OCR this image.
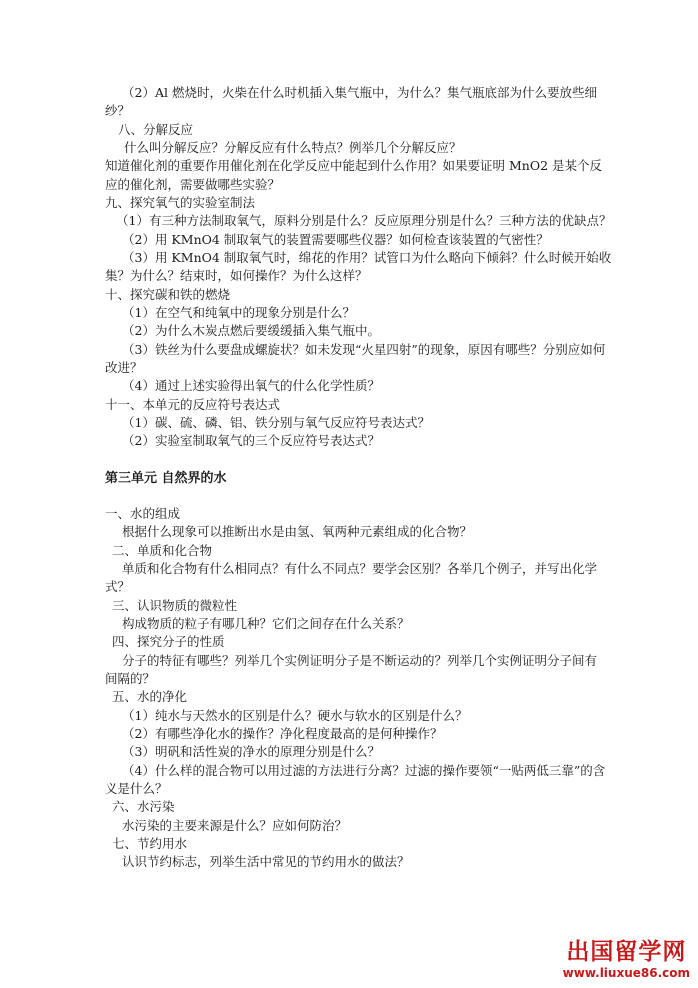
（2）Al 燃烧时，火柴在什么时机插入集气瓶中，为什么？集气瓶底部为什么要放些细
纱？
八、分解反应
什么叫分解反应？分解反应有什么特点？例举几个分解反应？
知道催化剂的重要作用催化剂在化学反应中能起到什么作用？如果要证明 MnO2 是某个反
应的催化剂，需要做哪些实验？
九、探究氧气的实验室制法
（1）有三种方法制取氧气，原料分别是什么？反应原理分别是什么？三种方法的优缺点？
（2）用 KMnO4 制取氧气的装置需要哪些仪器？如何检查该装置的气密性？
（3）用 KMnO4 制取氧气时，绵花的作用？试管口为什么略向下倾斜？什么时候开始收
集？为什么？结束时，如何操作？为什么这样？
十、探究碳和铁的燃烧
（1）在空气和纯氧中的现象分别是什么？
（2）为什么木炭点燃后要缓缓插入集气瓶中。
（3）铁丝为什么要盘成螺旋状？如未发现“火星四射”的现象，原因有哪些？分别应如何
改进？
（4）通过上述实验得出氧气的什么化学性质？
十一、本单元的反应符号表达式
（1）碳、硫、磷、铝、铁分别与氧气反应符号表达式？
（2）实验室制取氧气的三个反应符号表达式？
第三单元 自然界的水
一、水的组成
根据什么现象可以推断出水是由氢、氧两种元素组成的化合物？
二、单质和化合物
单质和化合物有什么相同点？有什么不同点？要学会区别？各举几个例子，并写出化学
式？
三、认识物质的微粒性
构成物质的粒子有哪几种？它们之间存在什么关系？
四、探究分子的性质
分子的特征有哪些？列举几个实例证明分子是不断运动的？列举几个实例证明分子间有
间隔的？
五、水的净化
（1）纯水与天然水的区别是什么？硬水与软水的区别是什么？
（2）有哪些净化水的操作？净化程度最高的是何种操作？
（3）明矾和活性炭的净水的原理分别是什么？
（4）什么样的混合物可以用过滤的方法进行分离？过滤的操作要领“一贴两低三靠”的含
义是什么？
六、水污染
水污染的主要来源是什么？应如何防治？
七、节约用水
认识节约标志，列举生活中常见的节约用水的做法？
出国留学网
www.liuxue86.com
